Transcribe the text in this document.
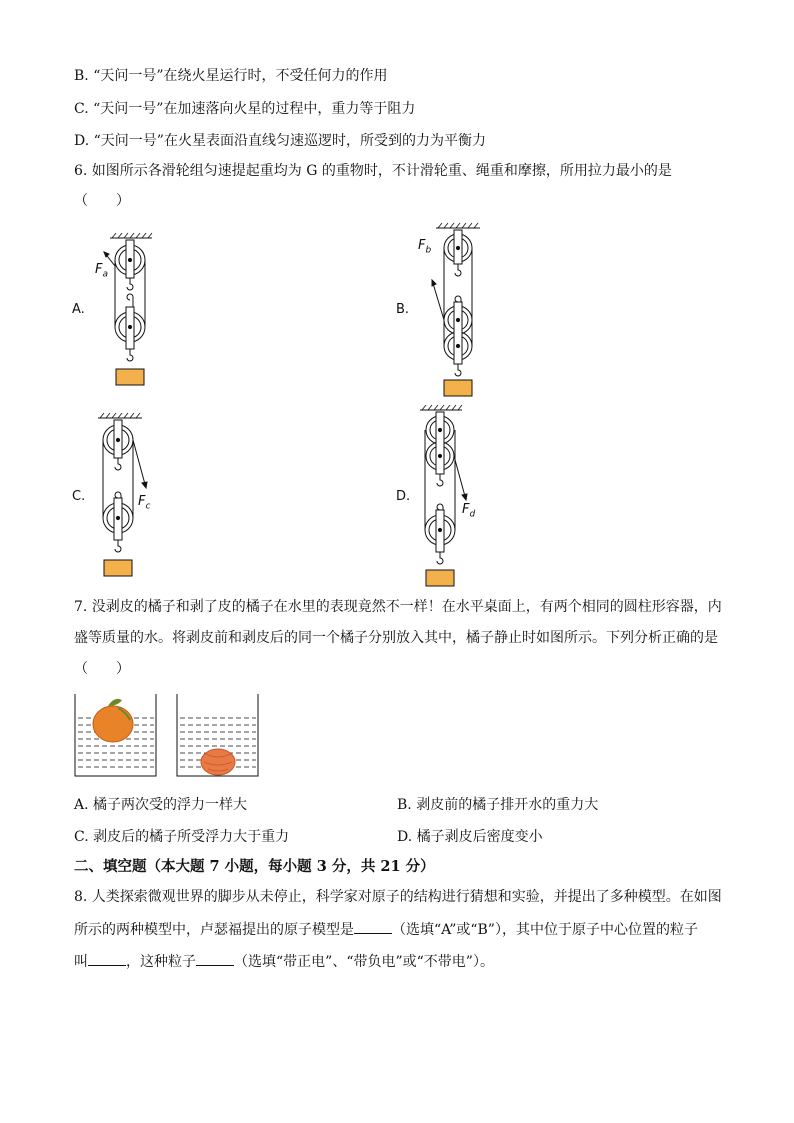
B. “天问一号”在绕火星运行时，不受任何力的作用
C. “天问一号”在加速落向火星的过程中，重力等于阻力
D. “天问一号”在火星表面沿直线匀速巡逻时，所受到的力为平衡力
6. 如图所示各滑轮组匀速提起重均为 G 的重物时，不计滑轮重、绳重和摩擦，所用拉力最小的是
（　　）
A.	B.
C.	D.
$F_a$
$F_b$
$F_c$	$F_d$
7. 没剥皮的橘子和剥了皮的橘子在水里的表现竟然不一样！在水平桌面上，有两个相同的圆柱形容器，内
盛等质量的水。将剥皮前和剥皮后的同一个橘子分别放入其中，橘子静止时如图所示。下列分析正确的是
（　　）
A. 橘子两次受的浮力一样大	B. 剥皮前的橘子排开水的重力大
C. 剥皮后的橘子所受浮力大于重力	D. 橘子剥皮后密度变小
二、填空题（本大题 7 小题，每小题 3 分，共 21 分）
8. 人类探索微观世界的脚步从未停止，科学家对原子的结构进行猜想和实验，并提出了多种模型。在如图
所示的两种模型中，卢瑟福提出的原子模型是	（选填“A”或“B”），其中位于原子中心位置的粒子
叫	，这种粒子	（选填“带正电”、“带负电”或“不带电”）。
